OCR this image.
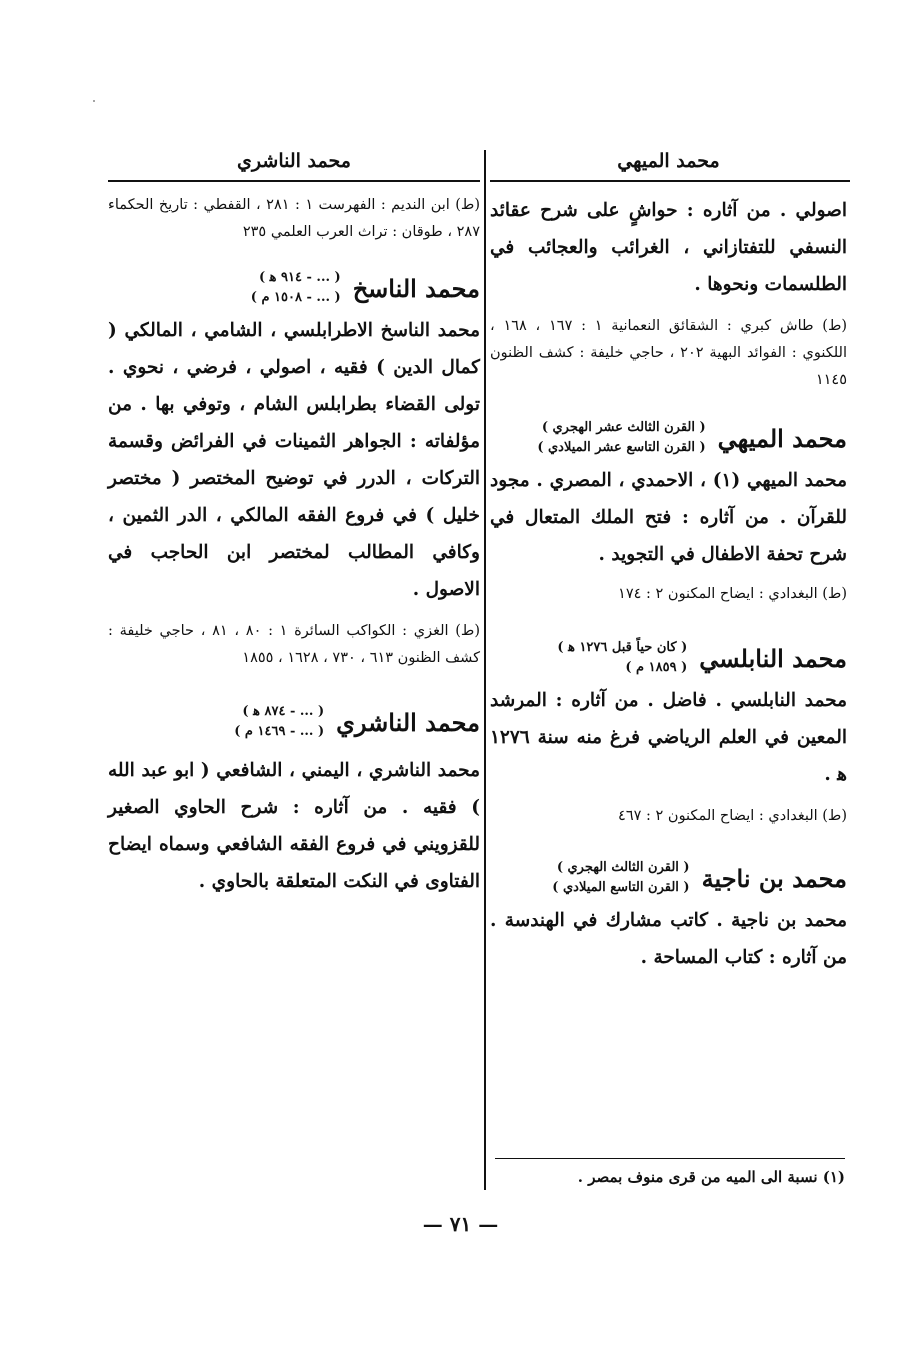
محمد الميهي
اصولي . من آثاره : حواشٍ على شرح عقائد النسفي للتفتازاني ، الغرائب والعجائب في الطلسمات ونحوها .
(ط) طاش كبري : الشقائق النعمانية ١ : ١٦٧ ، ١٦٨ ، اللكنوي : الفوائد البهية ٢٠٢ ، حاجي خليفة : كشف الظنون ١١٤٥
محمد الميهي
( القرن الثالث عشر الهجري )
( القرن التاسع عشر الميلادي )
محمد الميهي (١) ، الاحمدي ، المصري . مجود للقرآن . من آثاره : فتح الملك المتعال في شرح تحفة الاطفال في التجويد .
(ط) البغدادي : ايضاح المكنون ٢ : ١٧٤
محمد النابلسي
( كان حياً قبل ١٢٧٦ ﻫ )
( ١٨٥٩ م )
محمد النابلسي . فاضل . من آثاره : المرشد المعين في العلم الرياضي فرغ منه سنة ١٢٧٦ ﻫ .
(ط) البغدادي : ايضاح المكنون ٢ : ٤٦٧
محمد بن ناجية
( القرن الثالث الهجري )
( القرن التاسع الميلادي )
محمد بن ناجية . كاتب مشارك في الهندسة . من آثاره : كتاب المساحة .
محمد الناشري
(ط) ابن النديم : الفهرست ١ : ٢٨١ ، القفطي : تاريخ الحكماء ٢٨٧ ، طوقان : تراث العرب العلمي ٢٣٥
محمد الناسخ
( ... - ٩١٤ ﻫ )
( ... - ١٥٠٨ م )
محمد الناسخ الاطرابلسي ، الشامي ، المالكي ( كمال الدين ) فقيه ، اصولي ، فرضي ، نحوي . تولى القضاء بطرابلس الشام ، وتوفي بها . من مؤلفاته : الجواهر الثمينات في الفرائض وقسمة التركات ، الدرر في توضيح المختصر ( مختصر خليل ) في فروع الفقه المالكي ، الدر الثمين ، وكافي المطالب لمختصر ابن الحاجب في الاصول .
(ط) الغزي : الكواكب السائرة ١ : ٨٠ ، ٨١ ، حاجي خليفة : كشف الظنون ٦١٣ ، ٧٣٠ ، ١٦٢٨ ، ١٨٥٥
محمد الناشري
( ... - ٨٧٤ ﻫ )
( ... - ١٤٦٩ م )
محمد الناشري ، اليمني ، الشافعي ( ابو عبد الله ) فقيه . من آثاره : شرح الحاوي الصغير للقزويني في فروع الفقه الشافعي وسماه ايضاح الفتاوى في النكت المتعلقة بالحاوي .
(١) نسبة الى الميه من قرى منوف بمصر .
— ٧١ —
